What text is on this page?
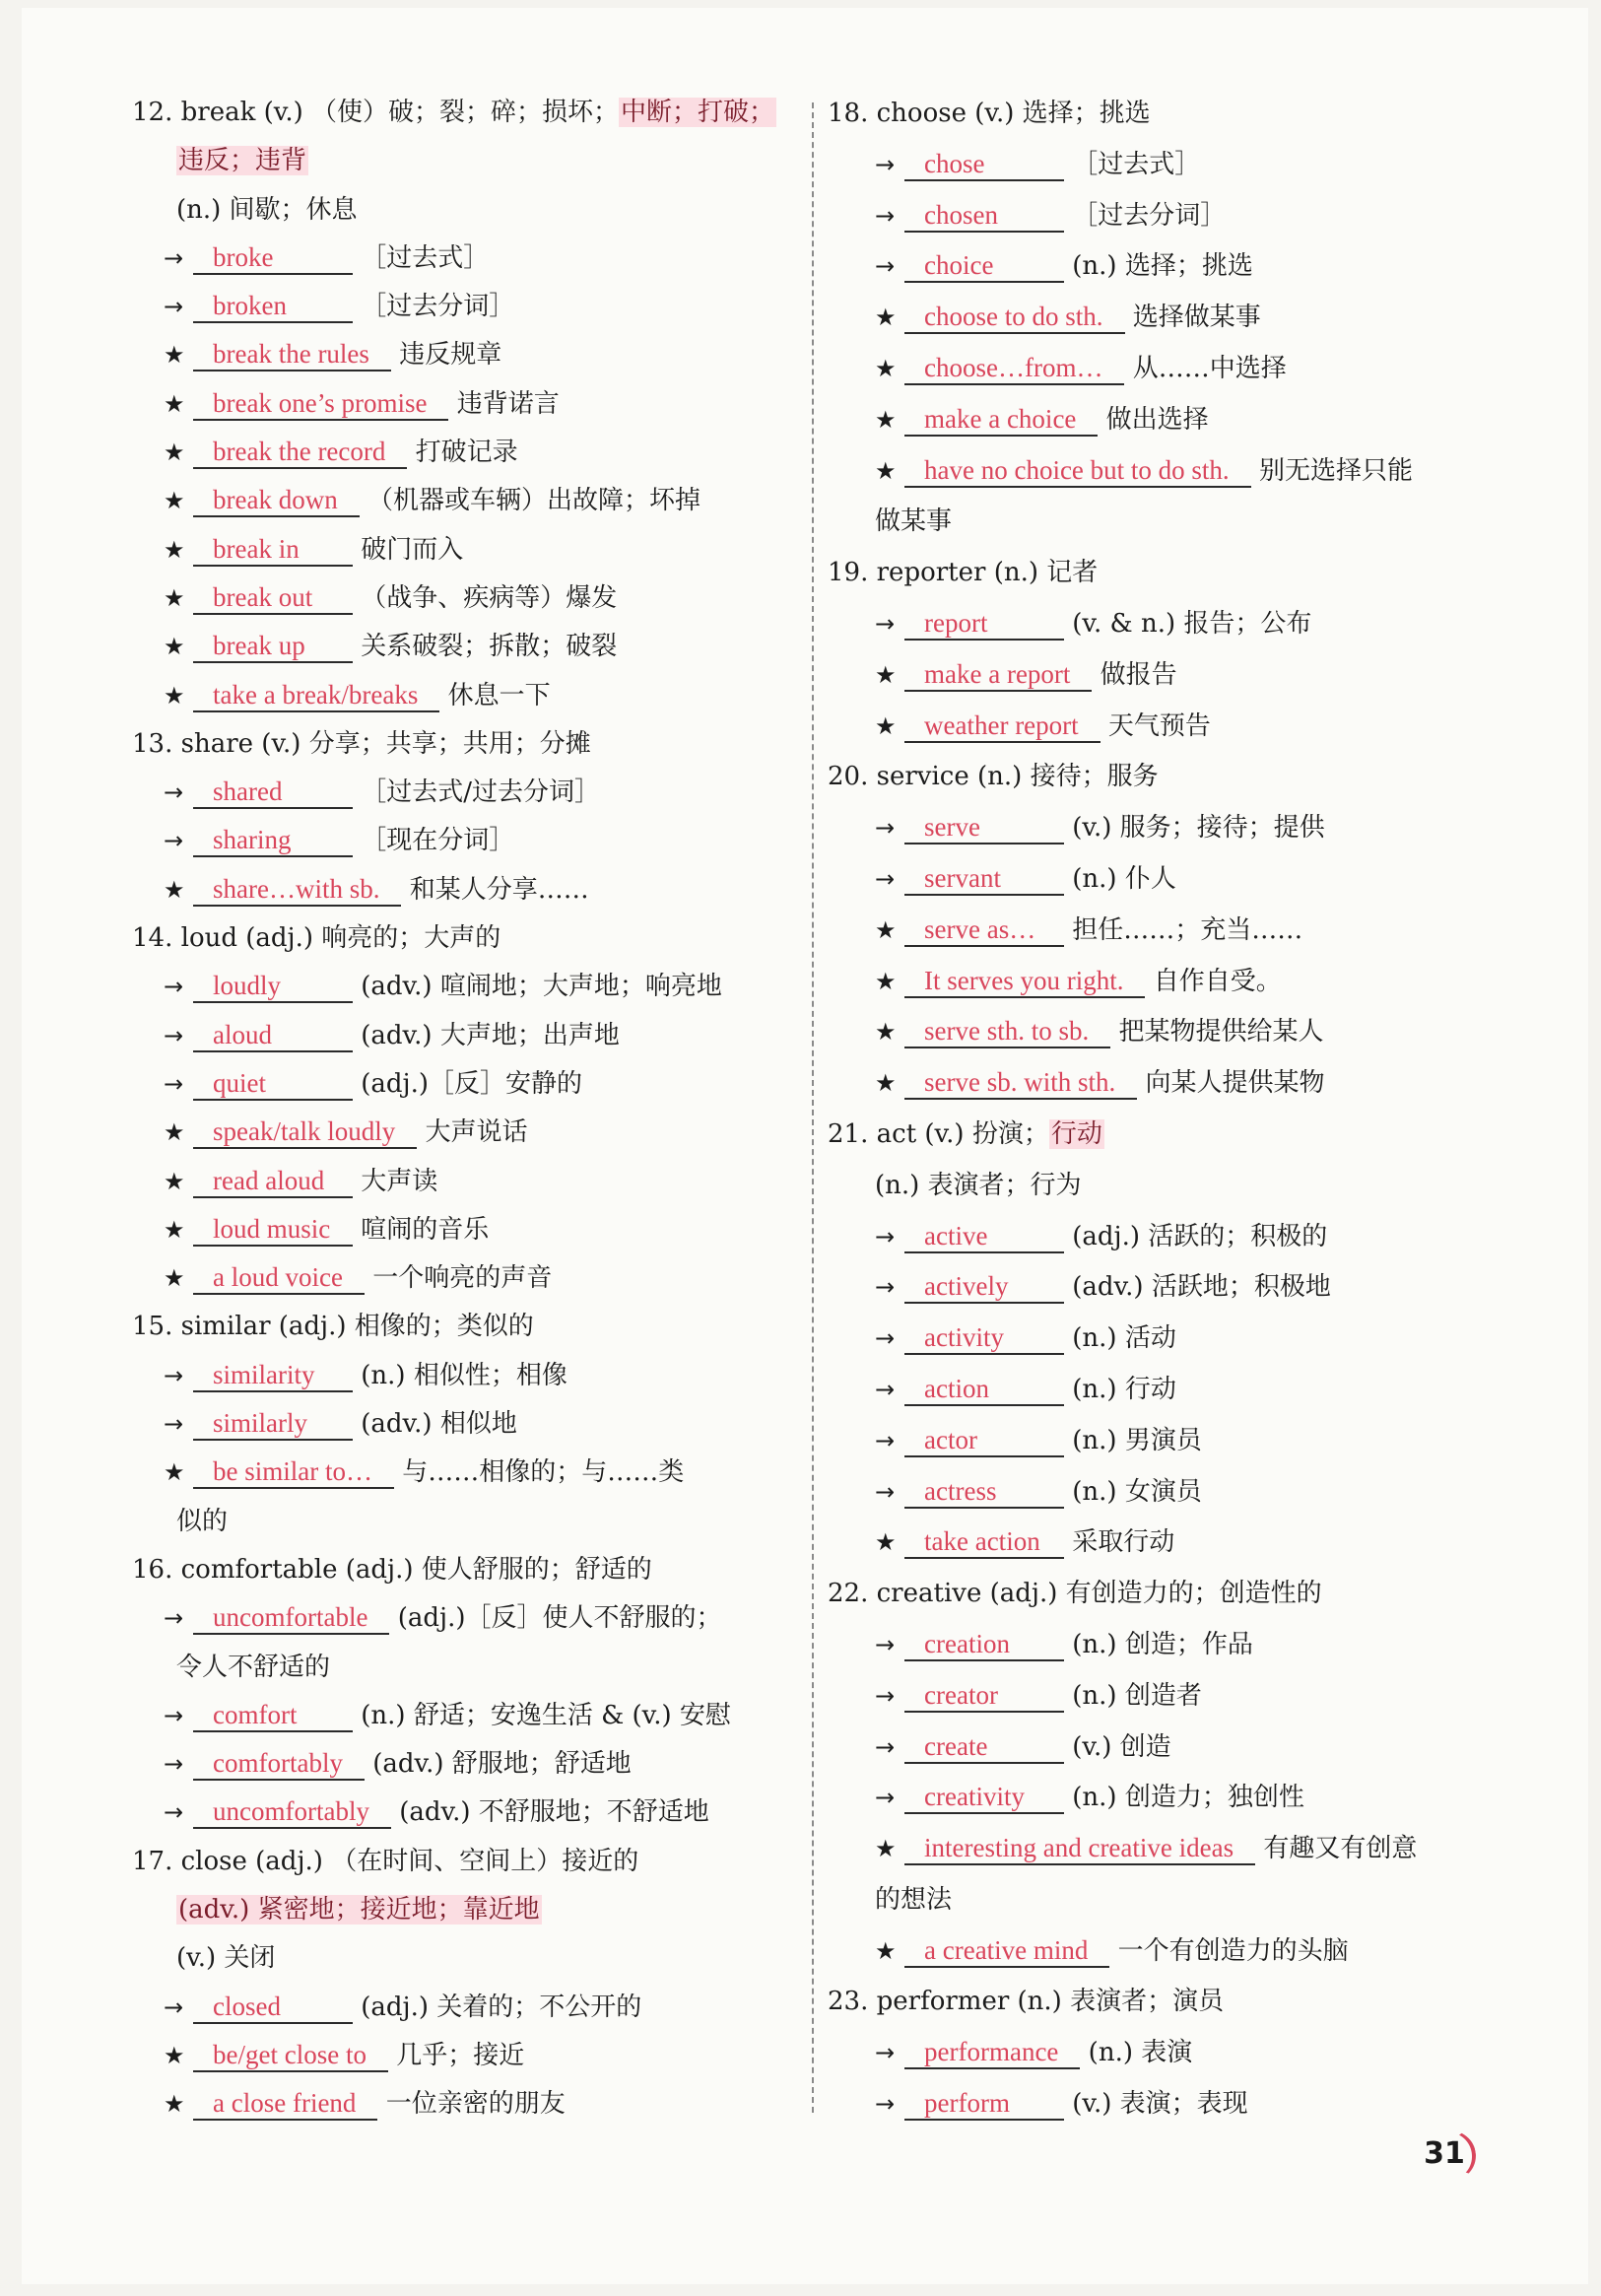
12. break (v.) （使）破；裂；碎；损坏；中断；打破；
违反；违背
(n.) 间歇；休息
→ broke	［过去式］
→ broken	［过去分词］
★ break the rules 违反规章
★ break one’s promise 违背诺言
★ break the record 打破记录
★ break down （机器或车辆）出故障；坏掉
★ break in 破门而入
★ break out （战争、疾病等）爆发
★ break up 关系破裂；拆散；破裂
★ take a break/breaks 休息一下
13. share (v.) 分享；共享；共用；分摊
→ shared	［过去式/过去分词］
→ sharing ［现在分词］
★ share…with sb. 和某人分享……
14. loud (adj.) 响亮的；大声的
→ loudly	(adv.) 喧闹地；大声地；响亮地
→ aloud	(adv.) 大声地；出声地
→ quiet	(adj.)［反］安静的
★ speak/talk loudly 大声说话
★ read aloud 大声读
★ loud music 喧闹的音乐
★ a loud voice 一个响亮的声音
15. similar (adj.) 相像的；类似的
→ similarity (n.) 相似性；相像
→ similarly (adv.) 相似地
★ be similar to… 与……相像的；与……类
似的
16. comfortable (adj.) 使人舒服的；舒适的
→ uncomfortable (adj.)［反］使人不舒服的；
令人不舒适的
→ comfort (n.) 舒适；安逸生活 & (v.) 安慰
→ comfortably (adv.) 舒服地；舒适地
→ uncomfortably (adv.) 不舒服地；不舒适地
17. close (adj.) （在时间、空间上）接近的
(adv.) 紧密地；接近地；靠近地
(v.) 关闭
→ closed	(adj.) 关着的；不公开的
★ be/get close to 几乎；接近
★ a close friend 一位亲密的朋友
18. choose (v.) 选择；挑选
→ chose	［过去式］
→ chosen	［过去分词］
→ choice	(n.) 选择；挑选
★ choose to do sth. 选择做某事
★ choose…from… 从……中选择
★ make a choice 做出选择
★ have no choice but to do sth. 别无选择只能
做某事
19. reporter (n.) 记者
→ report	(v. & n.) 报告；公布
★ make a report 做报告
★ weather report 天气预告
20. service (n.) 接待；服务
→ serve	(v.) 服务；接待；提供
→ servant (n.) 仆人
★ serve as… 担任……；充当……
★ It serves you right. 自作自受。
★ serve sth. to sb. 把某物提供给某人
★ serve sb. with sth. 向某人提供某物
21. act (v.) 扮演；行动
(n.) 表演者；行为
→ active	(adj.) 活跃的；积极的
→ actively (adv.) 活跃地；积极地
→ activity (n.) 活动
→ action	(n.) 行动
→ actor	(n.) 男演员
→ actress	(n.) 女演员
★ take action 采取行动
22. creative (adj.) 有创造力的；创造性的
→ creation (n.) 创造；作品
→ creator	(n.) 创造者
→ create	(v.) 创造
→ creativity (n.) 创造力；独创性
★ interesting and creative ideas 有趣又有创意
的想法
★ a creative mind 一个有创造力的头脑
23. performer (n.) 表演者；演员
→ performance (n.) 表演
→ perform (v.) 表演；表现
31
